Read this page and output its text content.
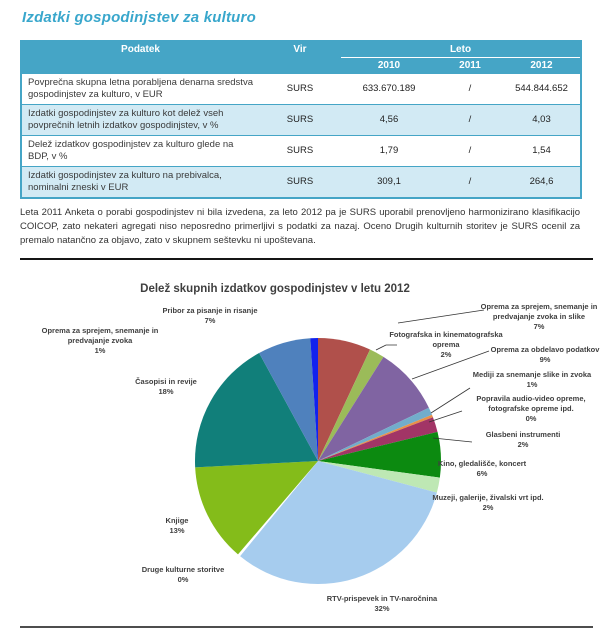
Izdatki gospodinjstev za kulturo
Podatek	Vir	Leto		
		2010	2011	2012
Povprečna skupna letna porabljena denarna sredstva gospodinjstev za kulturo, v EUR	SURS	633.670.189	/	544.844.652
Izdatki gospodinjstev za kulturo kot delež vseh povprečnih letnih izdatkov gospodinjstev, v %	SURS	4,56	/	4,03
Delež izdatkov gospodinjstev za kulturo glede na BDP, v %	SURS	1,79	/	1,54
Izdatki gospodinjstev za kulturo na prebivalca, nominalni zneski v EUR	SURS	309,1	/	264,6
Leta 2011 Anketa o porabi gospodinjstev ni bila izvedena, za leto 2012 pa je SURS uporabil prenovljeno harmonizirano klasifikacijo COICOP, zato nekateri agregati niso neposredno primerljivi s podatki za nazaj. Oceno Drugih kulturnih storitev je SURS ocenil za premalo natančno za objavo, zato v skupnem seštevku ni upoštevana.
Delež skupnih izdatkov gospodinjstev v letu 2012
Oprema za sprejem, snemanje in predvajanje zvoka in slike
7%
Fotografska in kinematografska oprema
2%
Oprema za obdelavo podatkov
9%
Mediji za snemanje slike in zvoka
1%
Popravila audio-video opreme, fotografske opreme ipd.
0%
Glasbeni instrumenti
2%
Kino, gledališče, koncert
6%
Muzeji, galerije, živalski vrt ipd.
2%
RTV-prispevek in TV-naročnina
32%
Druge kulturne storitve
0%
Knjige
13%
Časopisi in revije
18%
Pribor za pisanje in risanje
7%
Oprema za sprejem, snemanje in predvajanje zvoka
1%
